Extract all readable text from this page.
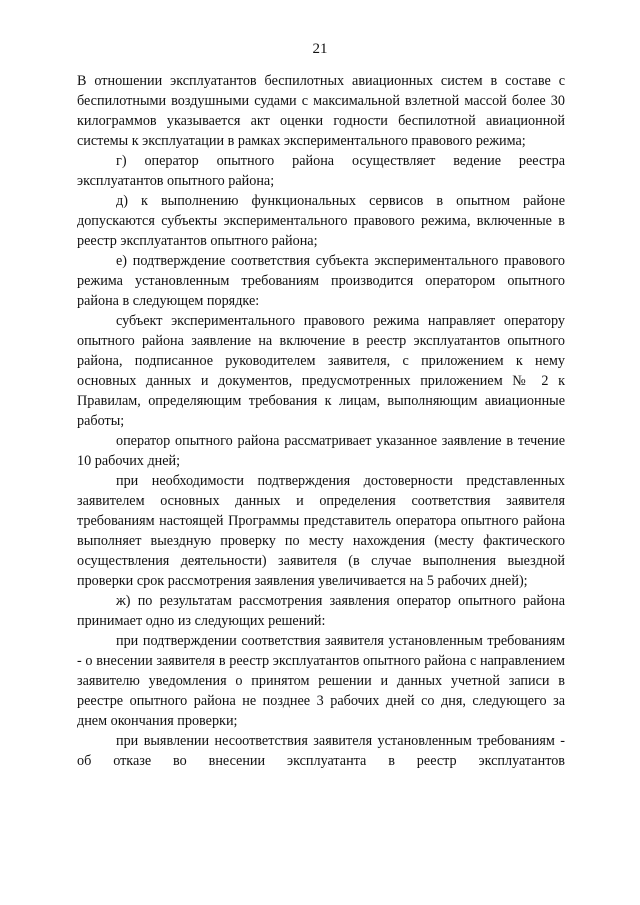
21

В отношении эксплуатантов беспилотных авиационных систем в составе с беспилотными воздушными судами с максимальной взлетной массой более 30 килограммов указывается акт оценки годности беспилотной авиационной системы к эксплуатации в рамках экспериментального правового режима;

г) оператор опытного района осуществляет ведение реестра эксплуатантов опытного района;

д) к выполнению функциональных сервисов в опытном районе допускаются субъекты экспериментального правового режима, включенные в реестр эксплуатантов опытного района;

е) подтверждение соответствия субъекта экспериментального правового режима установленным требованиям производится оператором опытного района в следующем порядке:

субъект экспериментального правового режима направляет оператору опытного района заявление на включение в реестр эксплуатантов опытного района, подписанное руководителем заявителя, с приложением к нему основных данных и документов, предусмотренных приложением № 2 к Правилам, определяющим требования к лицам, выполняющим авиационные работы;

оператор опытного района рассматривает указанное заявление в течение 10 рабочих дней;

при необходимости подтверждения достоверности представленных заявителем основных данных и определения соответствия заявителя требованиям настоящей Программы представитель оператора опытного района выполняет выездную проверку по месту нахождения (месту фактического осуществления деятельности) заявителя (в случае выполнения выездной проверки срок рассмотрения заявления увеличивается на 5 рабочих дней);

ж) по результатам рассмотрения заявления оператор опытного района принимает одно из следующих решений:

при подтверждении соответствия заявителя установленным требованиям - о внесении заявителя в реестр эксплуатантов опытного района с направлением заявителю уведомления о принятом решении и данных учетной записи в реестре опытного района не позднее 3 рабочих дней со дня, следующего за днем окончания проверки;

при выявлении несоответствия заявителя установленным требованиям - об отказе во внесении эксплуатанта в реестр эксплуатантов
